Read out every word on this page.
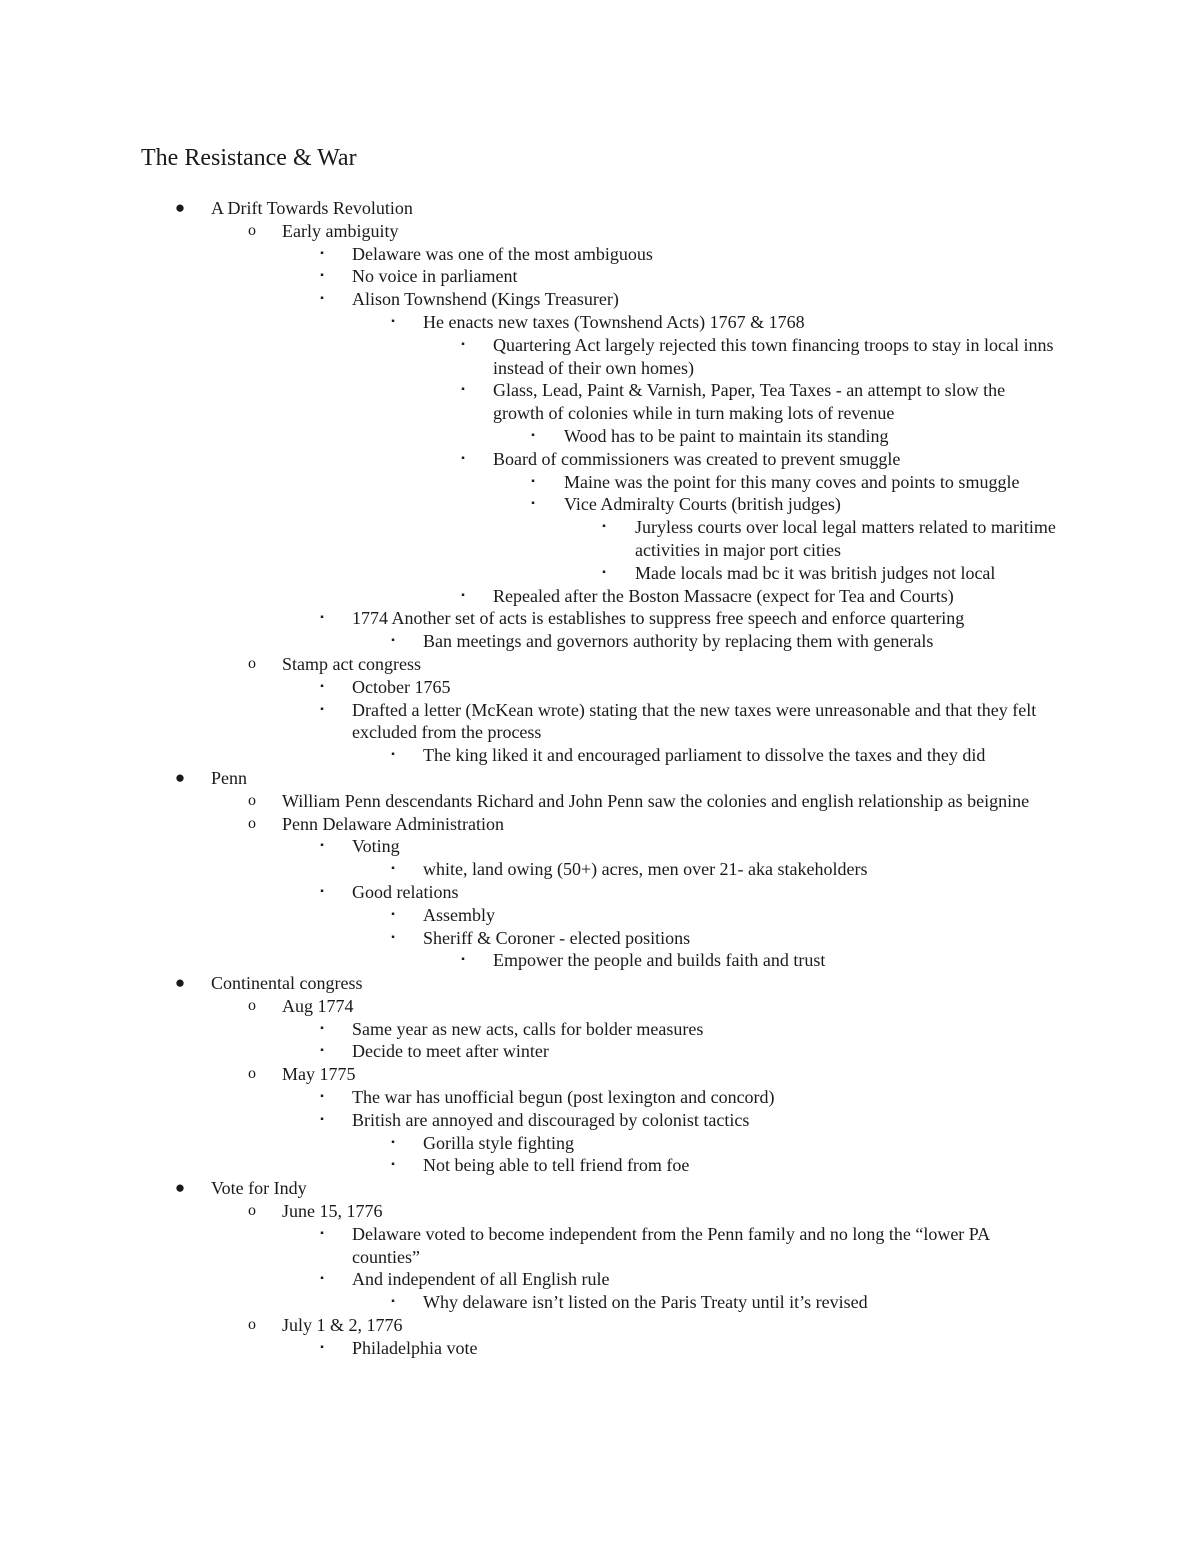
The Resistance & War
● A Drift Towards Revolution
o Early ambiguity
▪	Delaware was one of the most ambiguous
▪	No voice in parliament
▪	Alison Townshend (Kings Treasurer)
▪	He enacts new taxes (Townshend Acts) 1767 & 1768
▪	Quartering Act largely rejected this town financing troops to stay in local inns instead of their own homes)
▪	Glass, Lead, Paint & Varnish, Paper, Tea Taxes - an attempt to slow the growth of colonies while in turn making lots of revenue
▪	Wood has to be paint to maintain its standing
▪	Board of commissioners was created to prevent smuggle
▪	Maine was the point for this many coves and points to smuggle
▪	Vice Admiralty Courts (british judges)
▪	Juryless courts over local legal matters related to maritime activities in major port cities
▪	Made locals mad bc it was british judges not local
▪	Repealed after the Boston Massacre (expect for Tea and Courts)
▪	1774 Another set of acts is establishes to suppress free speech and enforce quartering
▪	Ban meetings and governors authority by replacing them with generals
o Stamp act congress
▪	October 1765
▪	Drafted a letter (McKean wrote) stating that the new taxes were unreasonable and that they felt excluded from the process
▪	The king liked it and encouraged parliament to dissolve the taxes and they did
● Penn
o William Penn descendants Richard and John Penn saw the colonies and english relationship as beignine
o Penn Delaware Administration
▪	Voting
▪	white, land owing (50+) acres, men over 21- aka stakeholders
▪	Good relations
▪	Assembly
▪	Sheriff & Coroner - elected positions
▪	Empower the people and builds faith and trust
● Continental congress
o Aug 1774
▪	Same year as new acts, calls for bolder measures
▪	Decide to meet after winter
o May 1775
▪	The war has unofficial begun (post lexington and concord)
▪	British are annoyed and discouraged by colonist tactics
▪	Gorilla style fighting
▪	Not being able to tell friend from foe
● Vote for Indy
o June 15, 1776
▪	Delaware voted to become independent from the Penn family and no long the “lower PA counties”
▪	And independent of all English rule
▪	Why delaware isn’t listed on the Paris Treaty until it’s revised
o July 1 & 2, 1776
▪	Philadelphia vote
